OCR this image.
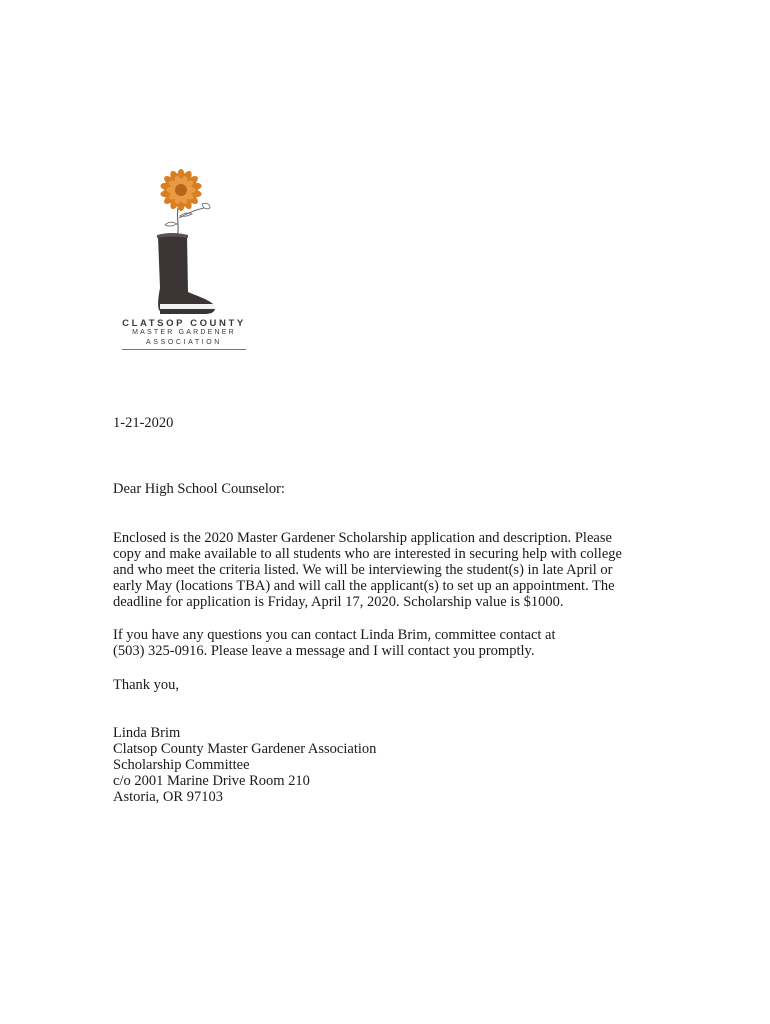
CLATSOP COUNTY
MASTER GARDENER
ASSOCIATION

1-21-2020

Dear High School Counselor:

Enclosed is the 2020 Master Gardener Scholarship application and description. Please
copy and make available to all students who are interested in securing help with college
and who meet the criteria listed. We will be interviewing the student(s) in late April or
early May (locations TBA) and will call the applicant(s) to set up an appointment. The
deadline for application is Friday, April 17, 2020. Scholarship value is $1000.
If you have any questions you can contact Linda Brim, committee contact at
(503) 325-0916. Please leave a message and I will contact you promptly.

Thank you,

Linda Brim
Clatsop County Master Gardener Association
Scholarship Committee
c/o 2001 Marine Drive Room 210
Astoria, OR 97103
